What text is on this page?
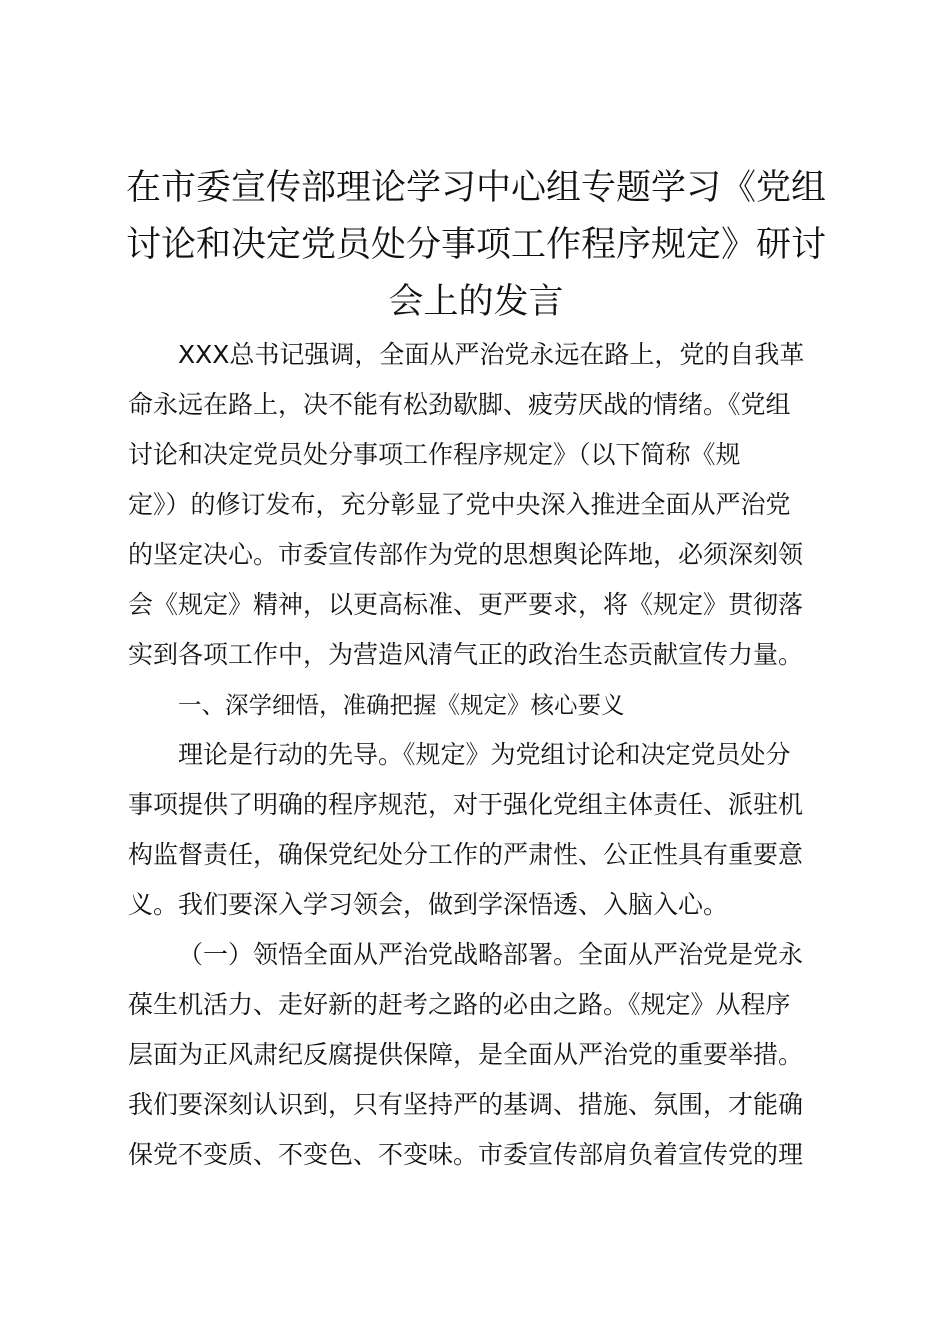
在市委宣传部理论学习中心组专题学习《党组
讨论和决定党员处分事项工作程序规定》研讨
会上的发言
XXX总书记强调，全面从严治党永远在路上，党的自我革
命永远在路上，决不能有松劲歇脚、疲劳厌战的情绪。《党组
讨论和决定党员处分事项工作程序规定》（以下简称《规
定》）的修订发布，充分彰显了党中央深入推进全面从严治党
的坚定决心。市委宣传部作为党的思想舆论阵地，必须深刻领
会《规定》精神，以更高标准、更严要求，将《规定》贯彻落
实到各项工作中，为营造风清气正的政治生态贡献宣传力量。
一、深学细悟，准确把握《规定》核心要义
理论是行动的先导。《规定》为党组讨论和决定党员处分
事项提供了明确的程序规范，对于强化党组主体责任、派驻机
构监督责任，确保党纪处分工作的严肃性、公正性具有重要意
义。我们要深入学习领会，做到学深悟透、入脑入心。
（一）领悟全面从严治党战略部署。全面从严治党是党永
葆生机活力、走好新的赶考之路的必由之路。《规定》从程序
层面为正风肃纪反腐提供保障，是全面从严治党的重要举措。
我们要深刻认识到，只有坚持严的基调、措施、氛围，才能确
保党不变质、不变色、不变味。市委宣传部肩负着宣传党的理
